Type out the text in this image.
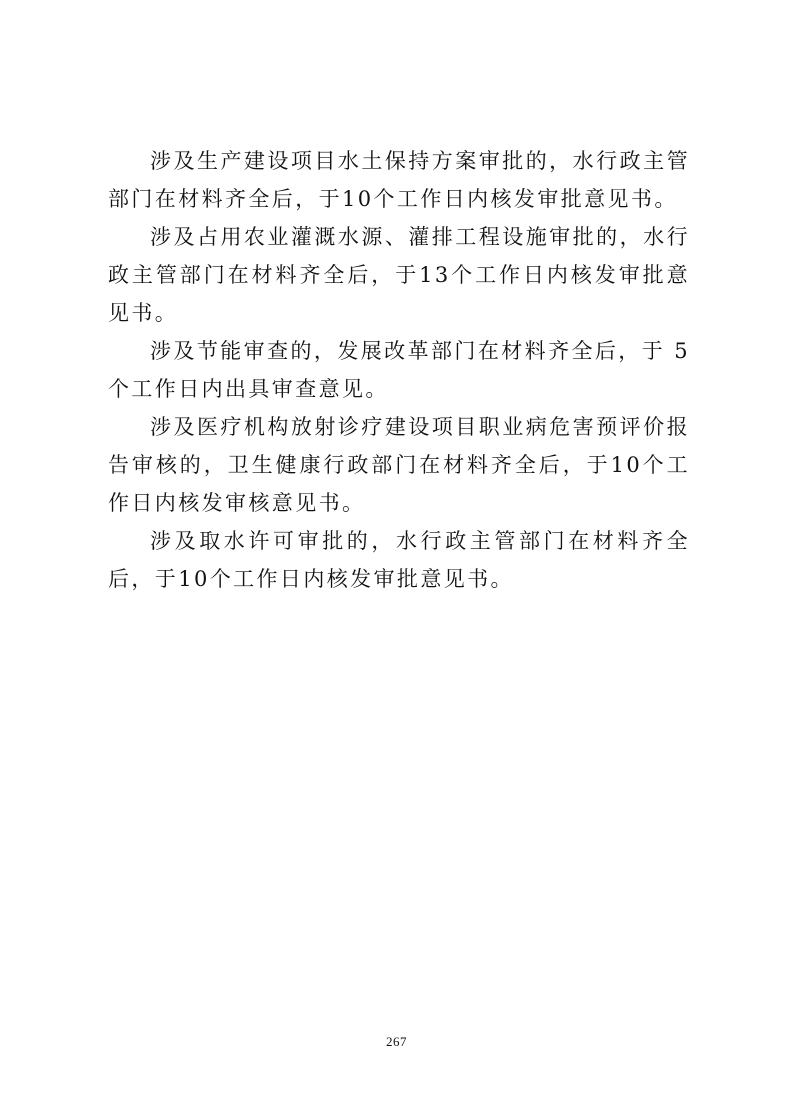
涉及生产建设项目水土保持方案审批的，水行政主管部门在材料齐全后，于10个工作日内核发审批意见书。

涉及占用农业灌溉水源、灌排工程设施审批的，水行政主管部门在材料齐全后，于13个工作日内核发审批意见书。

涉及节能审查的，发展改革部门在材料齐全后，于 5 个工作日内出具审查意见。

涉及医疗机构放射诊疗建设项目职业病危害预评价报告审核的，卫生健康行政部门在材料齐全后，于10个工作日内核发审核意见书。

涉及取水许可审批的，水行政主管部门在材料齐全后，于10个工作日内核发审批意见书。

267
